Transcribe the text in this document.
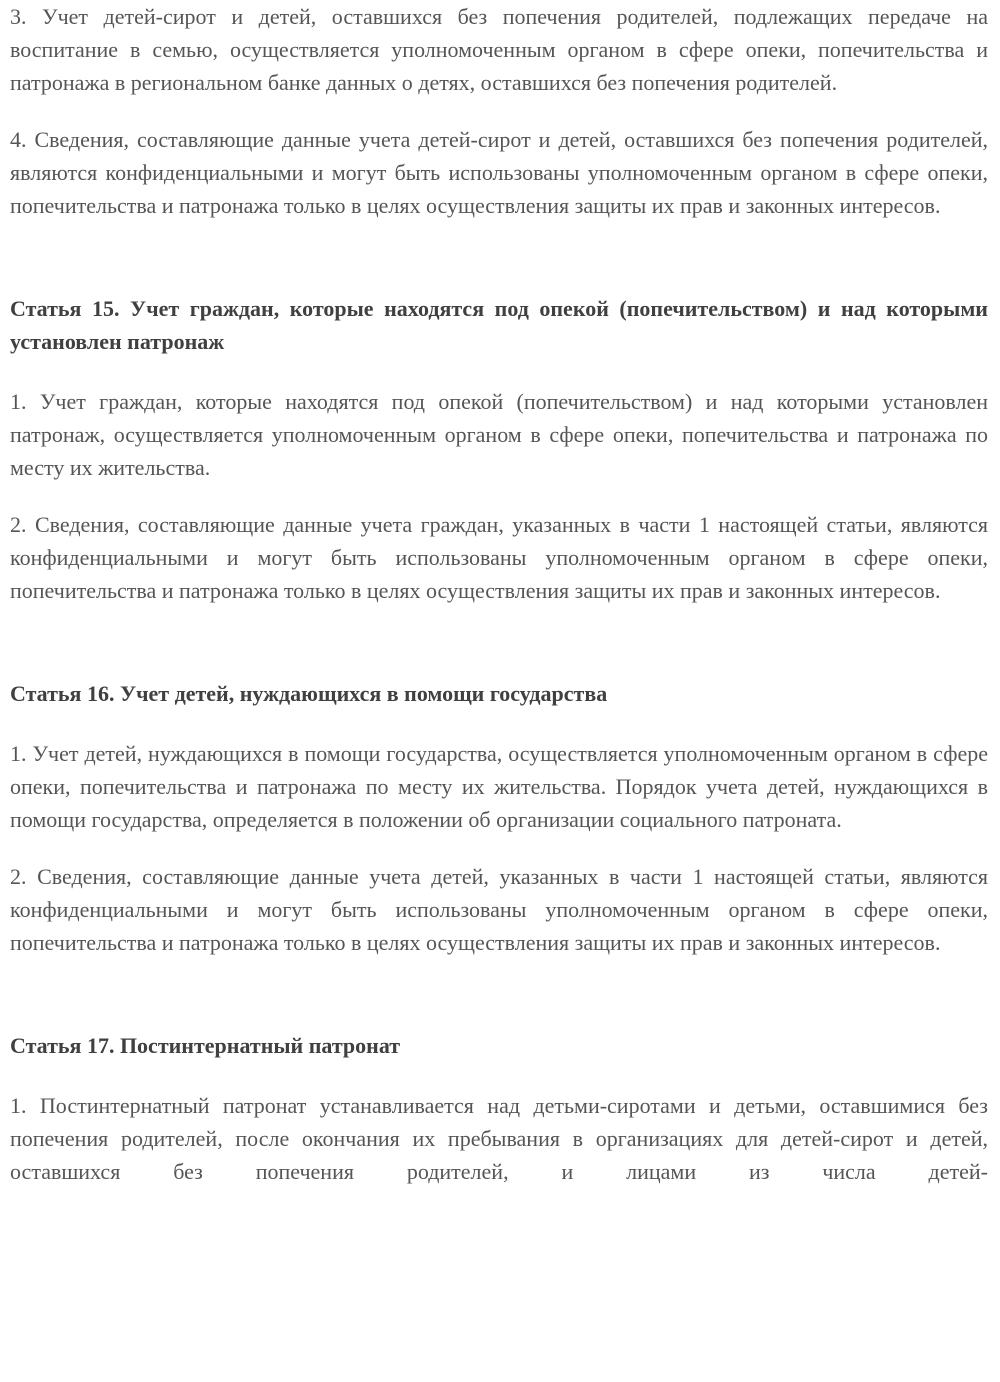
3. Учет детей-сирот и детей, оставшихся без попечения родителей, подлежащих передаче на воспитание в семью, осуществляется уполномоченным органом в сфере опеки, попечительства и патронажа в региональном банке данных о детях, оставшихся без попечения родителей.

4. Сведения, составляющие данные учета детей-сирот и детей, оставшихся без попечения родителей, являются конфиденциальными и могут быть использованы уполномоченным органом в сфере опеки, попечительства и патронажа только в целях осуществления защиты их прав и законных интересов.

Статья 15. Учет граждан, которые находятся под опекой (попечительством) и над которыми установлен патронаж

1. Учет граждан, которые находятся под опекой (попечительством) и над которыми установлен патронаж, осуществляется уполномоченным органом в сфере опеки, попечительства и патронажа по месту их жительства.

2. Сведения, составляющие данные учета граждан, указанных в части 1 настоящей статьи, являются конфиденциальными и могут быть использованы уполномоченным органом в сфере опеки, попечительства и патронажа только в целях осуществления защиты их прав и законных интересов.

Статья 16. Учет детей, нуждающихся в помощи государства

1. Учет детей, нуждающихся в помощи государства, осуществляется уполномоченным органом в сфере опеки, попечительства и патронажа по месту их жительства. Порядок учета детей, нуждающихся в помощи государства, определяется в положении об организации социального патроната.

2. Сведения, составляющие данные учета детей, указанных в части 1 настоящей статьи, являются конфиденциальными и могут быть использованы уполномоченным органом в сфере опеки, попечительства и патронажа только в целях осуществления защиты их прав и законных интересов.

Статья 17. Постинтернатный патронат

1. Постинтернатный патронат устанавливается над детьми-сиротами и детьми, оставшимися без попечения родителей, после окончания их пребывания в организациях для детей-сирот и детей, оставшихся без попечения родителей, и лицами из числа детей-
